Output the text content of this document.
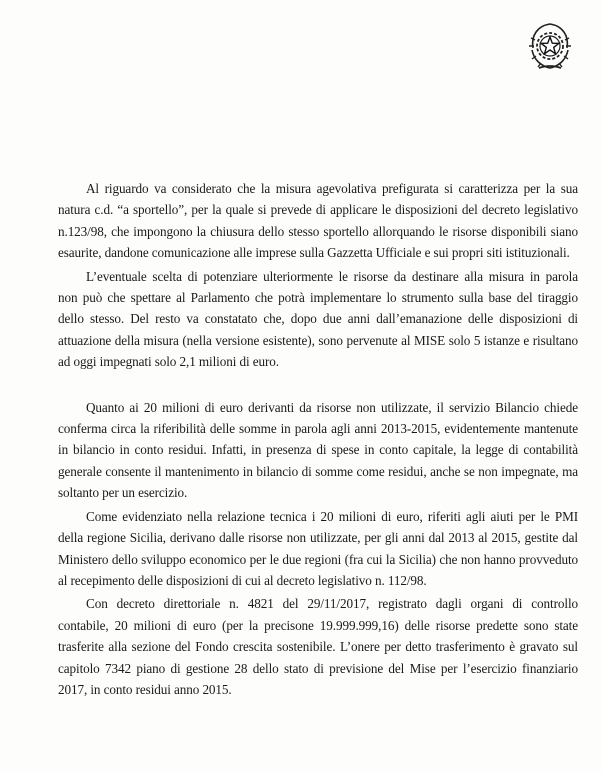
Al riguardo va considerato che la misura agevolativa prefigurata si caratterizza per la sua
natura c.d. “a sportello”, per la quale si prevede di applicare le disposizioni del decreto legislativo
n.123/98, che impongono la chiusura dello stesso sportello allorquando le risorse disponibili siano
esaurite, dandone comunicazione alle imprese sulla Gazzetta Ufficiale e sui propri siti istituzionali.

L’eventuale scelta di potenziare ulteriormente le risorse da destinare alla misura in parola
non può che spettare al Parlamento che potrà implementare lo strumento sulla base del tiraggio
dello stesso. Del resto va constatato che, dopo due anni dall’emanazione delle disposizioni di
attuazione della misura (nella versione esistente), sono pervenute al MISE solo 5 istanze e risultano
ad oggi impegnati solo 2,1 milioni di euro.

Quanto ai 20 milioni di euro derivanti da risorse non utilizzate, il servizio Bilancio chiede
conferma circa la riferibilità delle somme in parola agli anni 2013-2015, evidentemente mantenute
in bilancio in conto residui. Infatti, in presenza di spese in conto capitale, la legge di contabilità
generale consente il mantenimento in bilancio di somme come residui, anche se non impegnate, ma
soltanto per un esercizio.

Come evidenziato nella relazione tecnica i 20 milioni di euro, riferiti agli aiuti per le PMI
della regione Sicilia, derivano dalle risorse non utilizzate, per gli anni dal 2013 al 2015, gestite dal
Ministero dello sviluppo economico per le due regioni (fra cui la Sicilia) che non hanno provveduto
al recepimento delle disposizioni di cui al decreto legislativo n. 112/98.

Con decreto direttoriale n. 4821 del 29/11/2017, registrato dagli organi di controllo
contabile, 20 milioni di euro (per la precisone 19.999.999,16) delle risorse predette sono state
trasferite alla sezione del Fondo crescita sostenibile. L’onere per detto trasferimento è gravato sul
capitolo 7342 piano di gestione 28 dello stato di previsione del Mise per l’esercizio finanziario
2017, in conto residui anno 2015.
